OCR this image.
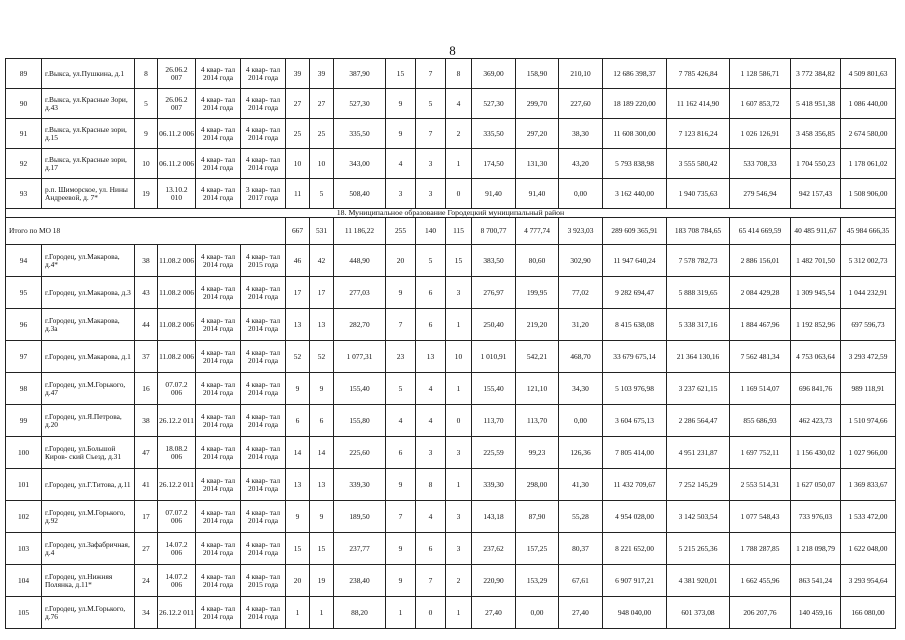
8
89	г.Выкса, ул.Пушкина, д.1	8	26.06.2 007	4 квар- тал 2014 года	4 квар- тал 2014 года	39	39	387,90	15	7	8	369,00	158,90	210,10	12 686 398,37	7 785 426,84	1 128 586,71	3 772 384,82	4 509 801,63
90	г.Выкса, ул.Красные Зори, д.43	5	26.06.2 007	4 квар- тал 2014 года	4 квар- тал 2014 года	27	27	527,30	9	5	4	527,30	299,70	227,60	18 189 220,00	11 162 414,90	1 607 853,72	5 418 951,38	1 086 440,00
91	г.Выкса, ул.Красные зори, д.15	9	06.11.2 006	4 квар- тал 2014 года	4 квар- тал 2014 года	25	25	335,50	9	7	2	335,50	297,20	38,30	11 608 300,00	7 123 816,24	1 026 126,91	3 458 356,85	2 674 580,00
92	г.Выкса, ул.Красные зори, д.17	10	06.11.2 006	4 квар- тал 2014 года	4 квар- тал 2014 года	10	10	343,00	4	3	1	174,50	131,30	43,20	5 793 838,98	3 555 580,42	533 708,33	1 704 550,23	1 178 061,02
93	р.п. Шиморское, ул. Нины Андреевой, д. 7*	19	13.10.2 010	4 квар- тал 2014 года	3 квар- тал 2017 года	11	5	508,40	3	3	0	91,40	91,40	0,00	3 162 440,00	1 940 735,63	279 546,94	942 157,43	1 508 906,00
18. Муниципальное образование Городецкий муниципальный район																			
Итого по МО 18						667	531	11 186,22	255	140	115	8 700,77	4 777,74	3 923,03	289 609 365,91	183 708 784,65	65 414 669,59	40 485 911,67	45 984 666,35
94	г.Городец, ул.Макарова, д.4*	38	11.08.2 006	4 квар- тал 2014 года	4 квар- тал 2015 года	46	42	448,90	20	5	15	383,50	80,60	302,90	11 947 640,24	7 578 782,73	2 886 156,01	1 482 701,50	5 312 002,73
95	г.Городец, ул.Макарова, д.3	43	11.08.2 006	4 квар- тал 2014 года	4 квар- тал 2014 года	17	17	277,03	9	6	3	276,97	199,95	77,02	9 282 694,47	5 888 319,65	2 084 429,28	1 309 945,54	1 044 232,91
96	г.Городец, ул.Макарова, д.3а	44	11.08.2 006	4 квар- тал 2014 года	4 квар- тал 2014 года	13	13	282,70	7	6	1	250,40	219,20	31,20	8 415 638,08	5 338 317,16	1 884 467,96	1 192 852,96	697 596,73
97	г.Городец, ул.Макарова, д.1	37	11.08.2 006	4 квар- тал 2014 года	4 квар- тал 2014 года	52	52	1 077,31	23	13	10	1 010,91	542,21	468,70	33 679 675,14	21 364 130,16	7 562 481,34	4 753 063,64	3 293 472,59
98	г.Городец, ул.М.Горького, д.47	16	07.07.2 006	4 квар- тал 2014 года	4 квар- тал 2014 года	9	9	155,40	5	4	1	155,40	121,10	34,30	5 103 976,98	3 237 621,15	1 169 514,07	696 841,76	989 118,91
99	г.Городец, ул.Я.Петрова, д.20	38	26.12.2 011	4 квар- тал 2014 года	4 квар- тал 2014 года	6	6	155,80	4	4	0	113,70	113,70	0,00	3 604 675,13	2 286 564,47	855 686,93	462 423,73	1 510 974,66
100	г.Городец, ул.Большой Киров- ский Съезд, д.31	47	18.08.2 006	4 квар- тал 2014 года	4 квар- тал 2014 года	14	14	225,60	6	3	3	225,59	99,23	126,36	7 805 414,00	4 951 231,87	1 697 752,11	1 156 430,02	1 027 966,00
101	г.Городец, ул.Г.Титова, д.11	41	26.12.2 011	4 квар- тал 2014 года	4 квар- тал 2014 года	13	13	339,30	9	8	1	339,30	298,00	41,30	11 432 709,67	7 252 145,29	2 553 514,31	1 627 050,07	1 369 833,67
102	г.Городец, ул.М.Горького, д.92	17	07.07.2 006	4 квар- тал 2014 года	4 квар- тал 2014 года	9	9	189,50	7	4	3	143,18	87,90	55,28	4 954 028,00	3 142 503,54	1 077 548,43	733 976,03	1 533 472,00
103	г.Городец, ул.Зафабричная, д.4	27	14.07.2 006	4 квар- тал 2014 года	4 квар- тал 2014 года	15	15	237,77	9	6	3	237,62	157,25	80,37	8 221 652,00	5 215 265,36	1 788 287,85	1 218 098,79	1 622 048,00
104	г.Городец, ул.Нижняя Полянка, д.11*	24	14.07.2 006	4 квар- тал 2014 года	4 квар- тал 2015 года	20	19	238,40	9	7	2	220,90	153,29	67,61	6 907 917,21	4 381 920,01	1 662 455,96	863 541,24	3 293 954,64
105	г.Городец, ул.М.Горького, д.76	34	26.12.2 011	4 квар- тал 2014 года	4 квар- тал 2014 года	1	1	88,20	1	0	1	27,40	0,00	27,40	948 040,00	601 373,08	206 207,76	140 459,16	166 080,00
